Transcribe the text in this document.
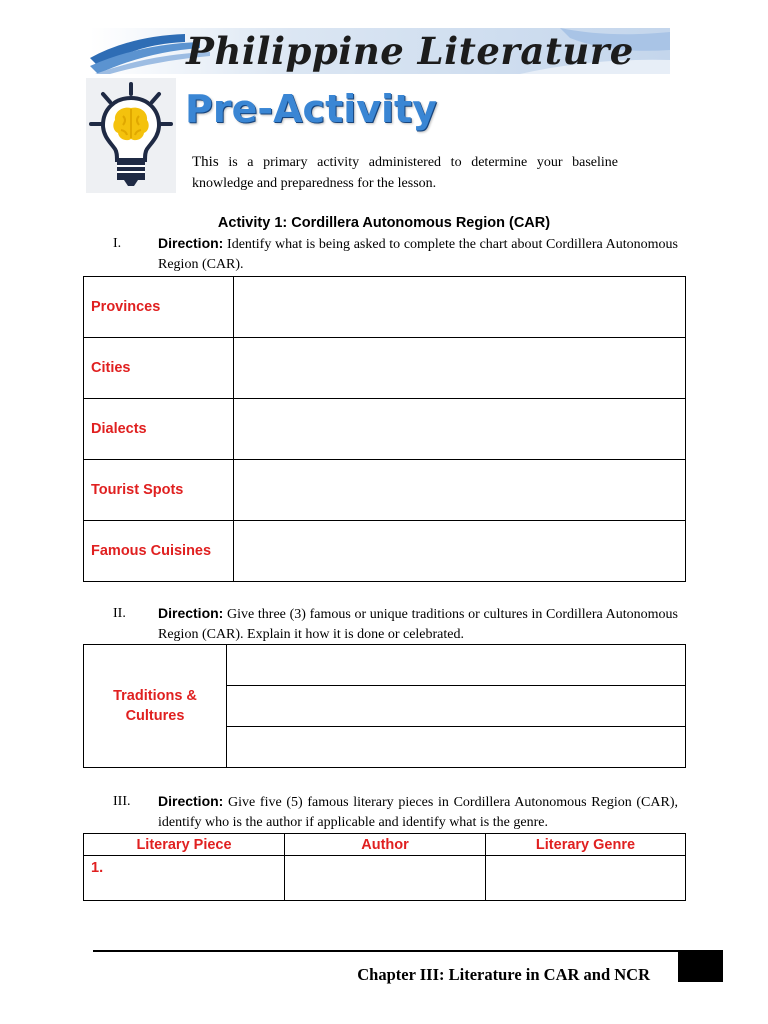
Philippine Literature
Pre-Activity
This is a primary activity administered to determine your baseline knowledge and preparedness for the lesson.
Activity 1: Cordillera Autonomous Region (CAR)
I.	Direction: Identify what is being asked to complete the chart about Cordillera Autonomous Region (CAR).
Provinces	
Cities	
Dialects	
Tourist Spots	
Famous Cuisines	
II. Direction: Give three (3) famous or unique traditions or cultures in Cordillera Autonomous Region (CAR). Explain it how it is done or celebrated.
Traditions &
Cultures

III. Direction: Give five (5) famous literary pieces in Cordillera Autonomous Region (CAR), identify who is the author if applicable and identify what is the genre.
Literary Piece	Author	Literary Genre
1.		
Chapter III: Literature in CAR and NCR
